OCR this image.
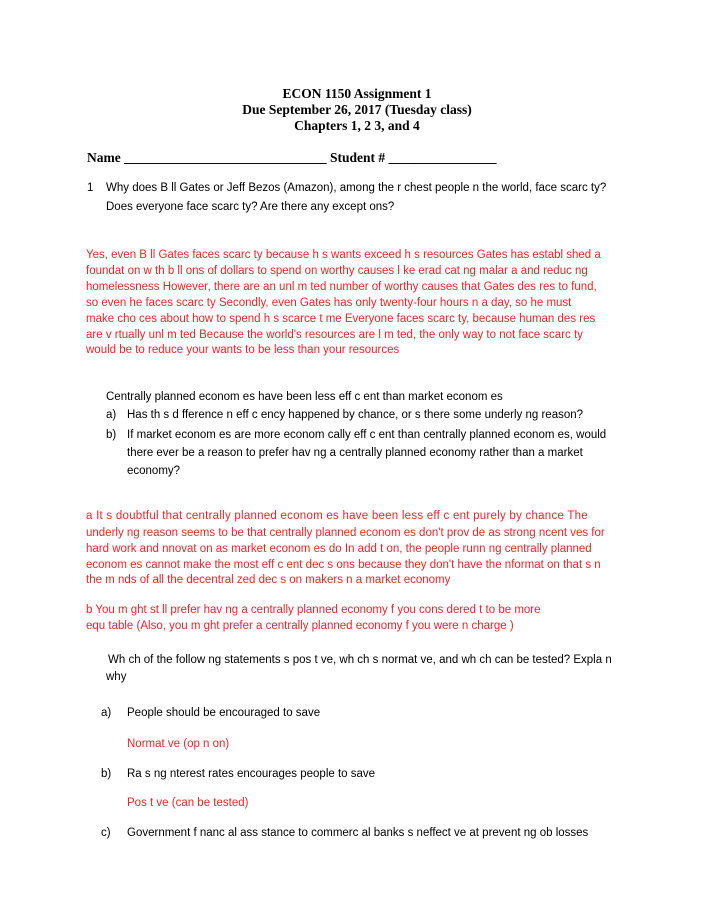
ECON 1150 Assignment 1
Due September 26, 2017 (Tuesday class)
Chapters 1, 2 3, and 4
Name ______________________________ Student # ________________
1 Why does B ll Gates or Jeff Bezos (Amazon), among the r chest people n the world, face scarc ty?
Does everyone face scarc ty? Are there any except ons?
Yes, even B ll Gates faces scarc ty because h s wants exceed h s resources Gates has establ shed a
foundat on w th b ll ons of dollars to spend on worthy causes l ke erad cat ng malar a and reduc ng
homelessness However, there are an unl m ted number of worthy causes that Gates des res to fund,
so even he faces scarc ty Secondly, even Gates has only twenty-four hours n a day, so he must
make cho ces about how to spend h s scarce t me Everyone faces scarc ty, because human des res
are v rtually unl m ted Because the world's resources are l m ted, the only way to not face scarc ty
would be to reduce your wants to be less than your resources
Centrally planned econom es have been less eff c ent than market econom es
a) Has th s d fference n eff c ency happened by chance, or s there some underly ng reason?
b) If market econom es are more econom cally eff c ent than centrally planned econom es, would
there ever be a reason to prefer hav ng a centrally planned economy rather than a market
economy?
a It s doubtful that centrally planned econom es have been less eff c ent purely by chance The
underly ng reason seems to be that centrally planned econom es don't prov de as strong ncent ves for
hard work and nnovat on as market econom es do In add t on, the people runn ng centrally planned
econom es cannot make the most eff c ent dec s ons because they don't have the nformat on that s n
the m nds of all the decentral zed dec s on makers n a market economy
b You m ght st ll prefer hav ng a centrally planned economy f you cons dered t to be more
equ table (Also, you m ght prefer a centrally planned economy f you were n charge )
Wh ch of the follow ng statements s pos t ve, wh ch s normat ve, and wh ch can be tested? Expla n
why
a) People should be encouraged to save
Normat ve (op n on)
b) Ra s ng nterest rates encourages people to save
Pos t ve (can be tested)
c) Government f nanc al ass stance to commerc al banks s neffect ve at prevent ng ob losses
